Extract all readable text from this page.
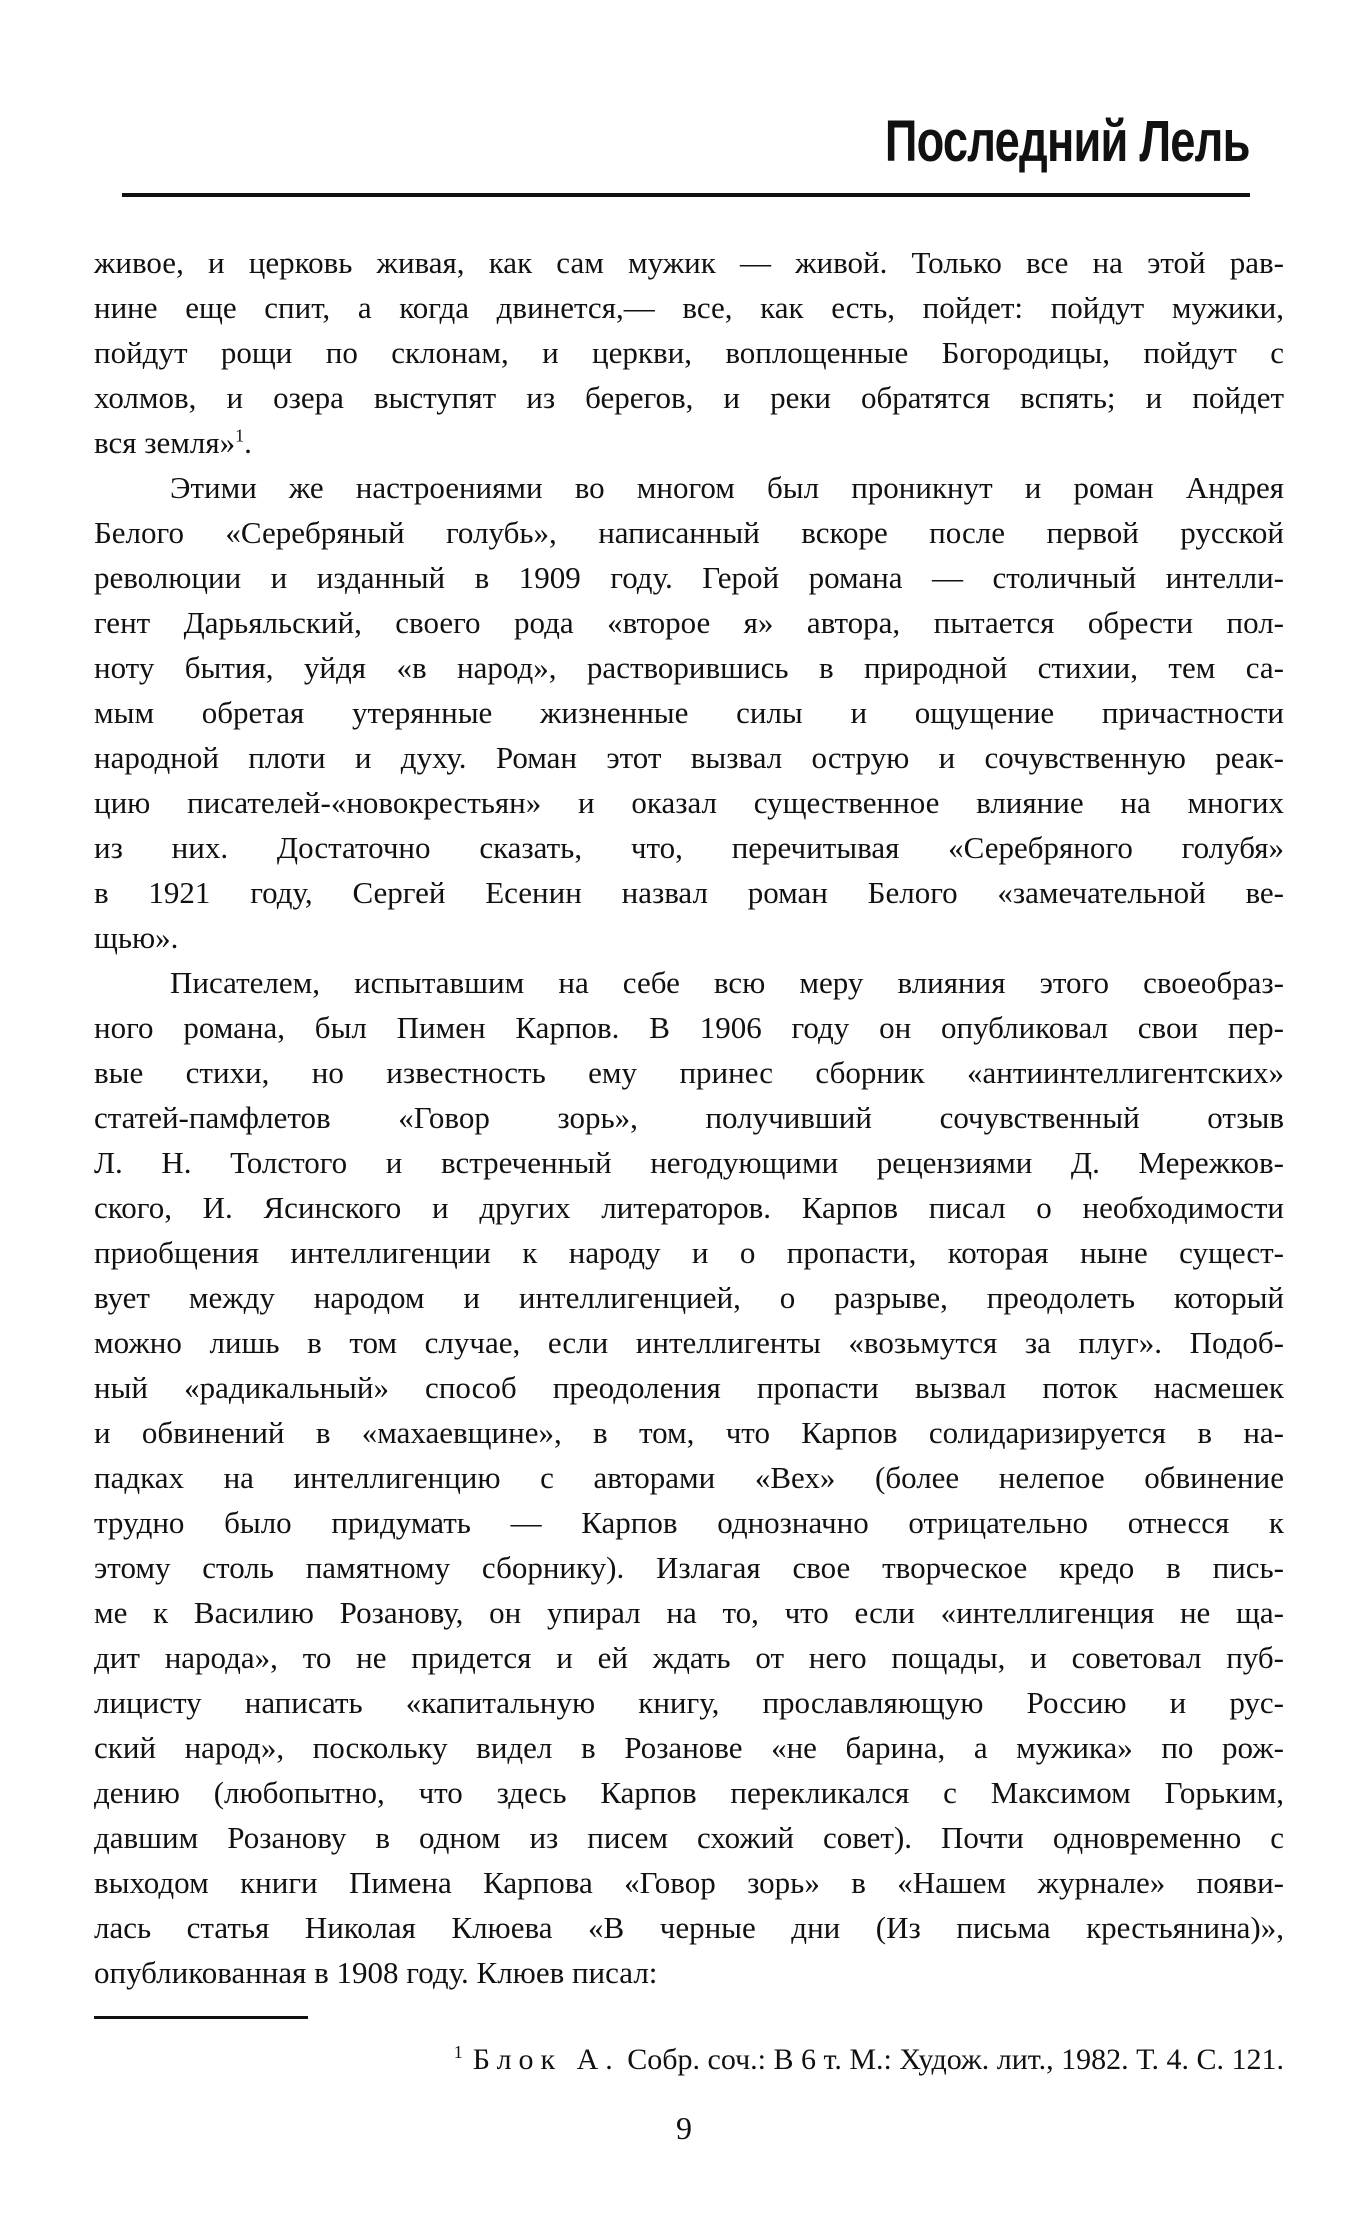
Последний Лель
живое, и церковь живая, как сам мужик — живой. Только все на этой рав-
нине еще спит, а когда двинется,— все, как есть, пойдет: пойдут мужики,
пойдут рощи по склонам, и церкви, воплощенные Богородицы, пойдут с
холмов, и озера выступят из берегов, и реки обратятся вспять; и пойдет
вся земля»$^1$.
Этими же настроениями во многом был проникнут и роман Андрея
Белого «Серебряный голубь», написанный вскоре после первой русской
революции и изданный в 1909 году. Герой романа — столичный интелли-
гент Дарьяльский, своего рода «второе я» автора, пытается обрести пол-
ноту бытия, уйдя «в народ», растворившись в природной стихии, тем са-
мым обретая утерянные жизненные силы и ощущение причастности
народной плоти и духу. Роман этот вызвал острую и сочувственную реак-
цию писателей-«новокрестьян» и оказал существенное влияние на многих
из них. Достаточно сказать, что, перечитывая «Серебряного голубя»
в 1921 году, Сергей Есенин назвал роман Белого «замечательной ве-
щью».
Писателем, испытавшим на себе всю меру влияния этого своеобраз-
ного романа, был Пимен Карпов. В 1906 году он опубликовал свои пер-
вые стихи, но известность ему принес сборник «антиинтеллигентских»
статей-памфлетов «Говор зорь», получивший сочувственный отзыв
Л. Н. Толстого и встреченный негодующими рецензиями Д. Мережков-
ского, И. Ясинского и других литераторов. Карпов писал о необходимости
приобщения интеллигенции к народу и о пропасти, которая ныне сущест-
вует между народом и интеллигенцией, о разрыве, преодолеть который
можно лишь в том случае, если интеллигенты «возьмутся за плуг». Подоб-
ный «радикальный» способ преодоления пропасти вызвал поток насмешек
и обвинений в «махаевщине», в том, что Карпов солидаризируется в на-
падках на интеллигенцию с авторами «Вех» (более нелепое обвинение
трудно было придумать — Карпов однозначно отрицательно отнесся к
этому столь памятному сборнику). Излагая свое творческое кредо в пись-
ме к Василию Розанову, он упирал на то, что если «интеллигенция не ща-
дит народа», то не придется и ей ждать от него пощады, и советовал пуб-
лицисту написать «капитальную книгу, прославляющую Россию и рус-
ский народ», поскольку видел в Розанове «не барина, а мужика» по рож-
дению (любопытно, что здесь Карпов перекликался с Максимом Горьким,
давшим Розанову в одном из писем схожий совет). Почти одновременно с
выходом книги Пимена Карпова «Говор зорь» в «Нашем журнале» появи-
лась статья Николая Клюева «В черные дни (Из письма крестьянина)»,
опубликованная в 1908 году. Клюев писал:
$^1$ Блок А. Собр. соч.: В 6 т. М.: Худож. лит., 1982. Т. 4. С. 121.
9
